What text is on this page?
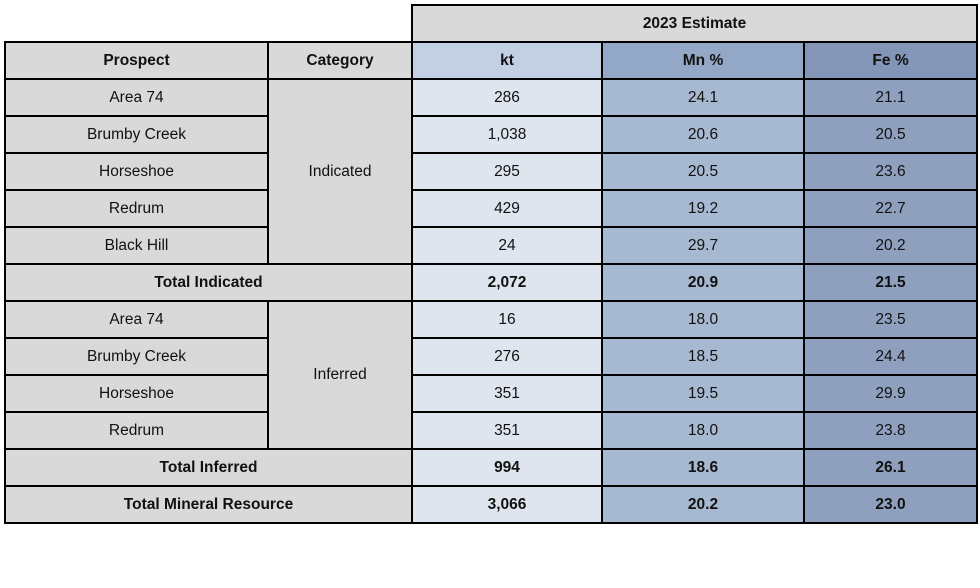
		2023 Estimate		
Prospect	Category	kt	Mn %	Fe %
Area 74	Indicated	286	24.1	21.1
Brumby Creek		1,038	20.6	20.5
Horseshoe		295	20.5	23.6
Redrum		429	19.2	22.7
Black Hill		24	29.7	20.2
Total Indicated		2,072	20.9	21.5
Area 74	Inferred	16	18.0	23.5
Brumby Creek		276	18.5	24.4
Horseshoe		351	19.5	29.9
Redrum		351	18.0	23.8
Total Inferred		994	18.6	26.1
Total Mineral Resource		3,066	20.2	23.0
